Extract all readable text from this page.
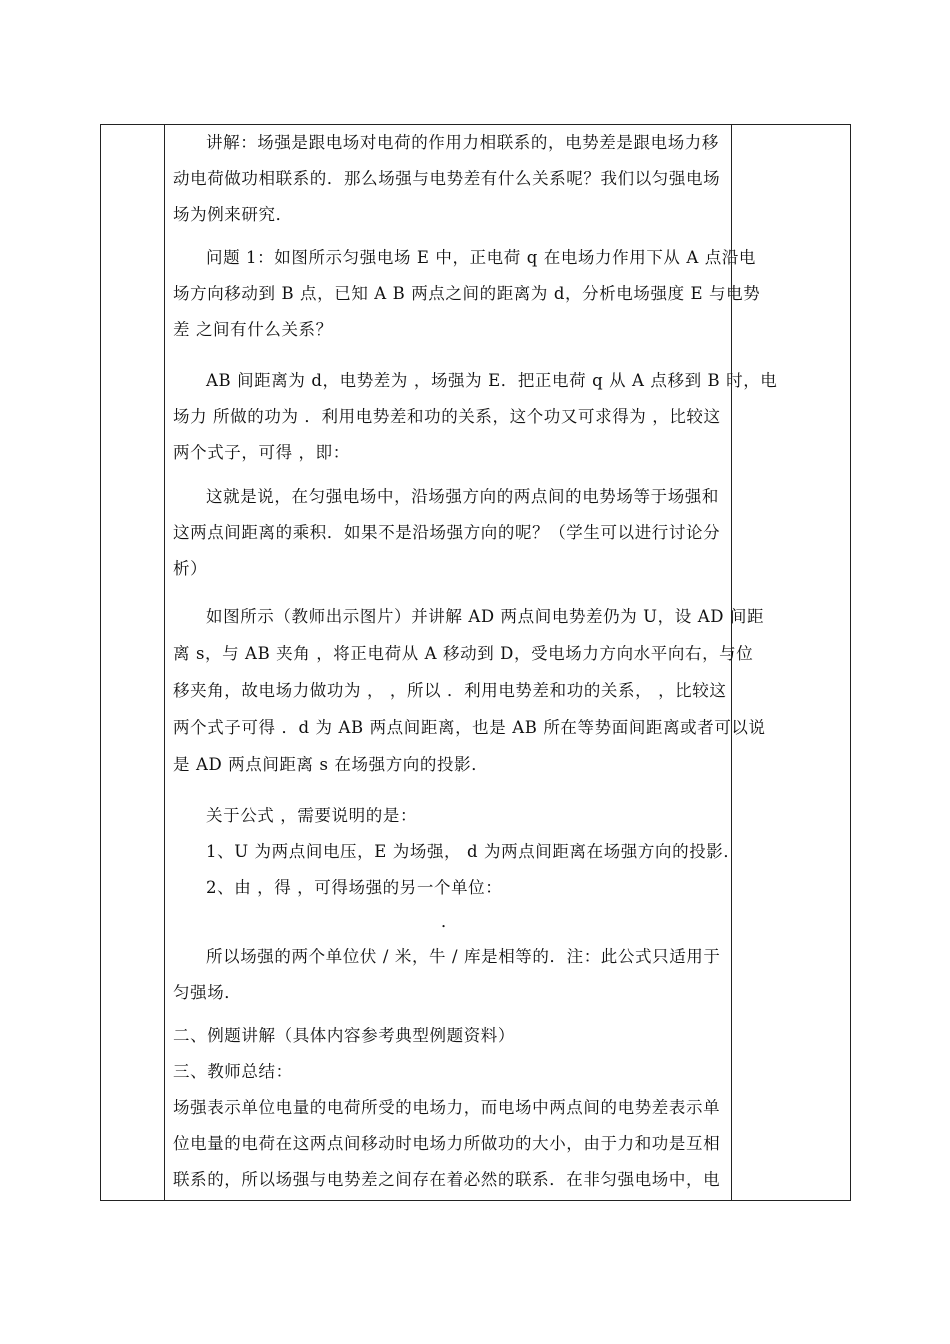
讲解：场强是跟电场对电荷的作用力相联系的，电势差是跟电场力移
动电荷做功相联系的．那么场强与电势差有什么关系呢？我们以匀强电场
场为例来研究．
问题 1：如图所示匀强电场 E 中，正电荷 q 在电场力作用下从 A 点沿电
场方向移动到 B 点，已知 A B 两点之间的距离为 d，分析电场强度 E 与电势
差 之间有什么关系？
AB 间距离为 d，电势差为 ，场强为 E．把正电荷 q 从 A 点移到 B 时，电
场力 所做的功为 ．利用电势差和功的关系，这个功又可求得为 ，比较这
两个式子，可得 ，即：
这就是说，在匀强电场中，沿场强方向的两点间的电势场等于场强和
这两点间距离的乘积．如果不是沿场强方向的呢？（学生可以进行讨论分
析）
如图所示（教师出示图片）并讲解 AD 两点间电势差仍为 U，设 AD 间距
离 s，与 AB 夹角 ，将正电荷从 A 移动到 D，受电场力方向水平向右，与位
移夹角，故电场力做功为 ， ，所以 ．利用电势差和功的关系， ，比较这
两个式子可得 ．d 为 AB 两点间距离，也是 AB 所在等势面间距离或者可以说
是 AD 两点间距离 s 在场强方向的投影．
关于公式 ，需要说明的是：
1、U 为两点间电压，E 为场强， d 为两点间距离在场强方向的投影．
2、由 ，得 ，可得场强的另一个单位：
．
所以场强的两个单位伏 / 米，牛 / 库是相等的．注：此公式只适用于
匀强场．
二、例题讲解（具体内容参考典型例题资料）
三、教师总结：
场强表示单位电量的电荷所受的电场力，而电场中两点间的电势差表示单
位电量的电荷在这两点间移动时电场力所做功的大小，由于力和功是互相
联系的，所以场强与电势差之间存在着必然的联系．在非匀强电场中，电
